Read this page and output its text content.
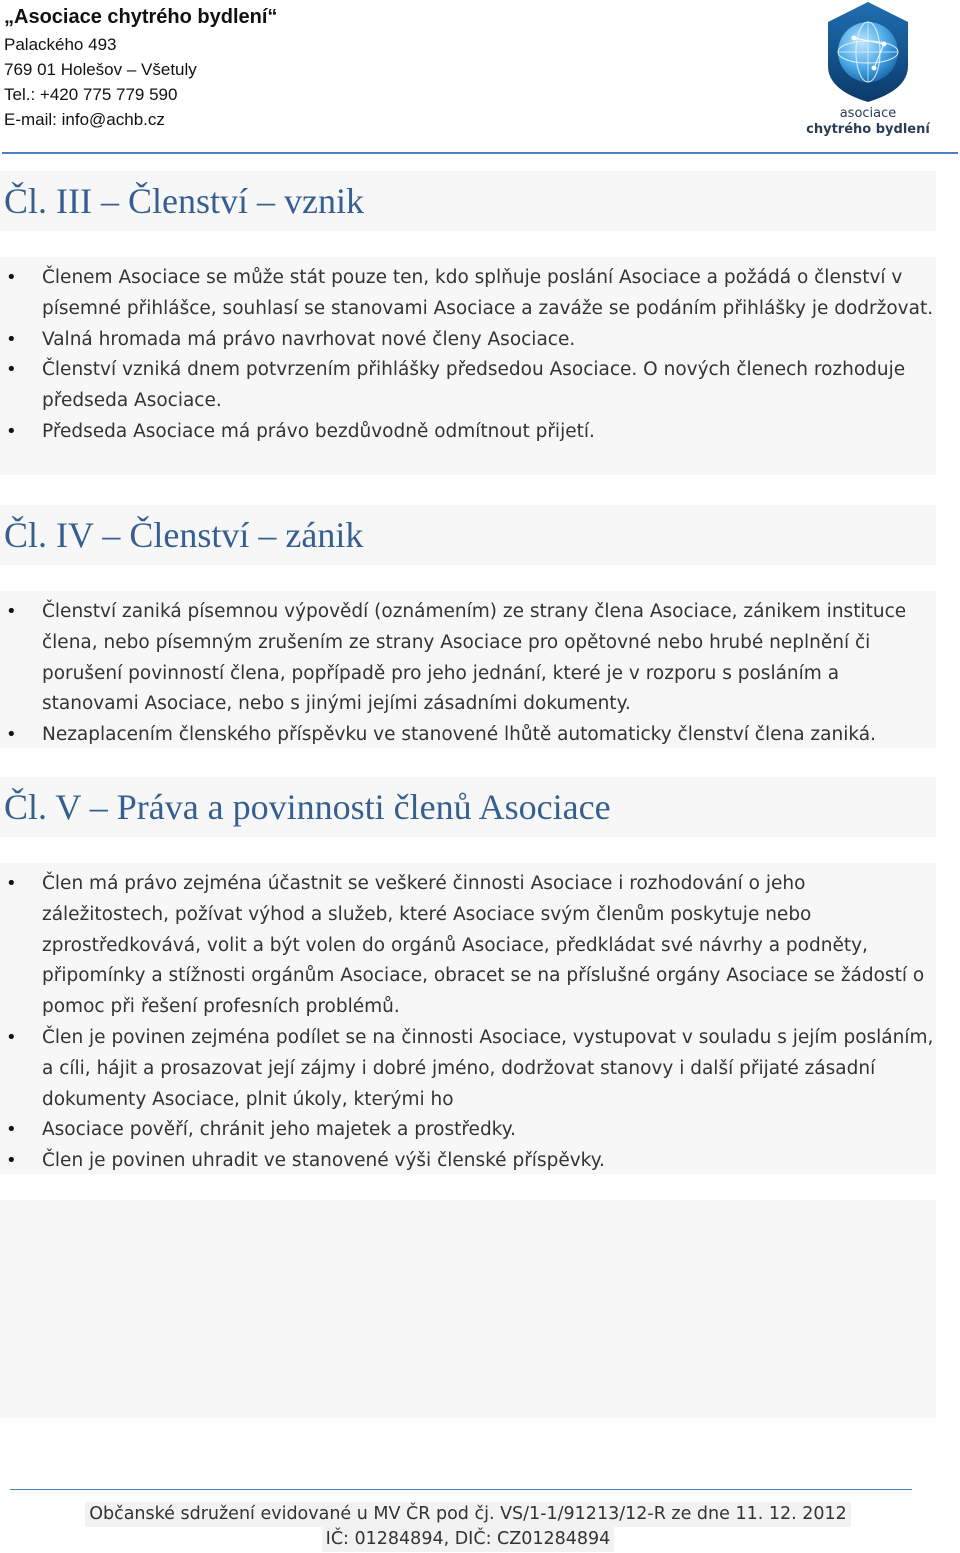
„Asociace chytrého bydlení“
Palackého 493
769 01 Holešov – Všetuly
Tel.: +420 775 779 590
E-mail: info@achb.cz	asociace
chytrého bydlení
Čl. III – Členství – vznik
• Členem Asociace se může stát pouze ten, kdo splňuje poslání Asociace a požádá o členství v písemné přihlášce, souhlasí se stanovami Asociace a zaváže se podáním přihlášky je dodržovat.
• Valná hromada má právo navrhovat nové členy Asociace.
• Členství vzniká dnem potvrzením přihlášky předsedou Asociace. O nových členech rozhoduje předseda Asociace.
• Předseda Asociace má právo bezdůvodně odmítnout přijetí.
Čl. IV – Členství – zánik
• Členství zaniká písemnou výpovědí (oznámením) ze strany člena Asociace, zánikem instituce člena, nebo písemným zrušením ze strany Asociace pro opětovné nebo hrubé neplnění či porušení povinností člena, popřípadě pro jeho jednání, které je v rozporu s posláním a stanovami Asociace, nebo s jinými jejími zásadními dokumenty.
• Nezaplacením členského příspěvku ve stanovené lhůtě automaticky členství člena zaniká.
Čl. V – Práva a povinnosti členů Asociace
• Člen má právo zejména účastnit se veškeré činnosti Asociace i rozhodování o jeho záležitostech, požívat výhod a služeb, které Asociace svým členům poskytuje nebo zprostředkovává, volit a být volen do orgánů Asociace, předkládat své návrhy a podněty, připomínky a stížnosti orgánům Asociace, obracet se na příslušné orgány Asociace se žádostí o pomoc při řešení profesních problémů.
• Člen je povinen zejména podílet se na činnosti Asociace, vystupovat v souladu s jejím posláním, a cíli, hájit a prosazovat její zájmy i dobré jméno, dodržovat stanovy i další přijaté zásadní dokumenty Asociace, plnit úkoly, kterými ho
• Asociace pověří, chránit jeho majetek a prostředky.
• Člen je povinen uhradit ve stanovené výši členské příspěvky.
Občanské sdružení evidované u MV ČR pod čj. VS/1-1/91213/12-R ze dne 11. 12. 2012
IČ: 01284894, DIČ: CZ01284894
